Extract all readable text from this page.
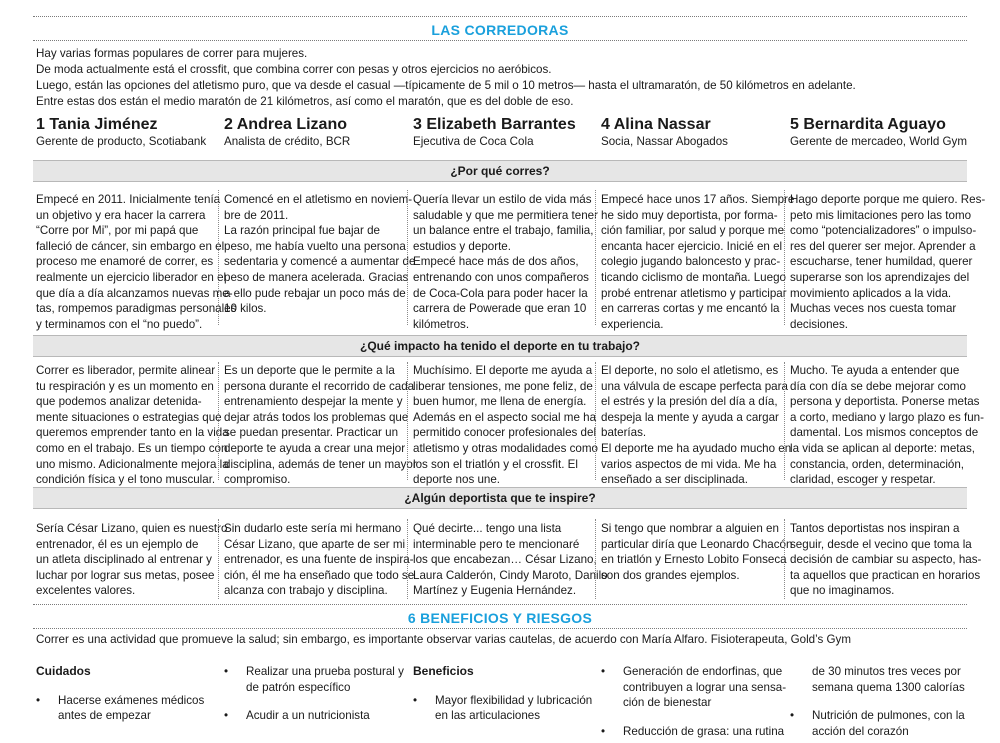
LAS CORREDORAS
Hay varias formas populares de correr para mujeres.
De moda actualmente está el crossfit, que combina correr con pesas y otros ejercicios no aeróbicos.
Luego, están las opciones del atletismo puro, que va desde el casual —típicamente de 5 mil o 10 metros— hasta el ultramaratón, de 50 kilómetros en adelante.
Entre estas dos están el medio maratón de 21 kilómetros, así como el maratón, que es del doble de eso.
1 Tania Jiménez
Gerente de producto, Scotiabank
2 Andrea Lizano
Analista de crédito, BCR
3 Elizabeth Barrantes
Ejecutiva de Coca Cola
4 Alina Nassar
Socia, Nassar Abogados
5 Bernardita Aguayo
Gerente de mercadeo, World Gym
¿Por qué corres?
Empecé en 2011. Inicialmente tenía
un objetivo y era hacer la carrera
“Corre por Mi”, por mi papá que
falleció de cáncer, sin embargo en el
proceso me enamoré de correr, es
realmente un ejercicio liberador en el
que día a día alcanzamos nuevas me-
tas, rompemos paradigmas personales
y terminamos con el “no puedo”.
Comencé en el atletismo en noviem-
bre de 2011.
La razón principal fue bajar de
peso, me había vuelto una persona
sedentaria y comencé a aumentar de
peso de manera acelerada. Gracias
a ello pude rebajar un poco más de
10 kilos.
Quería llevar un estilo de vida más
saludable y que me permitiera tener
un balance entre el trabajo, familia,
estudios y deporte.
Empecé hace más de dos años,
entrenando con unos compañeros
de Coca-Cola para poder hacer la
carrera de Powerade que eran 10
kilómetros.
Empecé hace unos 17 años. Siempre
he sido muy deportista, por forma-
ción familiar, por salud y porque me
encanta hacer ejercicio. Inicié en el
colegio jugando baloncesto y prac-
ticando ciclismo de montaña. Luego
probé entrenar atletismo y participar
en carreras cortas y me encantó la
experiencia.
Hago deporte porque me quiero. Res-
peto mis limitaciones pero las tomo
como “potencializadores” o impulso-
res del querer ser mejor. Aprender a
escucharse, tener humildad, querer
superarse son los aprendizajes del
movimiento aplicados a la vida.
Muchas veces nos cuesta tomar
decisiones.
¿Qué impacto ha tenido el deporte en tu trabajo?
Correr es liberador, permite alinear
tu respiración y es un momento en
que podemos analizar detenida-
mente situaciones o estrategias que
queremos emprender tanto en la vida
como en el trabajo. Es un tiempo con
uno mismo. Adicionalmente mejora la
condición física y el tono muscular.
Es un deporte que le permite a la
persona durante el recorrido de cada
entrenamiento despejar la mente y
dejar atrás todos los problemas que
se puedan presentar. Practicar un
deporte te ayuda a crear una mejor
disciplina, además de tener un mayor
compromiso.
Muchísimo. El deporte me ayuda a
liberar tensiones, me pone feliz, de
buen humor, me llena de energía.
Además en el aspecto social me ha
permitido conocer profesionales del
atletismo y otras modalidades como
los son el triatlón y el crossfit. El
deporte nos une.
El deporte, no solo el atletismo, es
una válvula de escape perfecta para
el estrés y la presión del día a día,
despeja la mente y ayuda a cargar
baterías.
El deporte me ha ayudado mucho en
varios aspectos de mi vida. Me ha
enseñado a ser disciplinada.
Mucho. Te ayuda a entender que
día con día se debe mejorar como
persona y deportista. Ponerse metas
a corto, mediano y largo plazo es fun-
damental. Los mismos conceptos de
la vida se aplican al deporte: metas,
constancia, orden, determinación,
claridad, escoger y respetar.
¿Algún deportista que te inspire?
Sería César Lizano, quien es nuestro
entrenador, él es un ejemplo de
un atleta disciplinado al entrenar y
luchar por lograr sus metas, posee
excelentes valores.
Sin dudarlo este sería mi hermano
César Lizano, que aparte de ser mi
entrenador, es una fuente de inspira-
ción, él me ha enseñado que todo se
alcanza con trabajo y disciplina.
Qué decirte... tengo una lista
interminable pero te mencionaré
los que encabezan… César Lizano,
Laura Calderón, Cindy Maroto, Danilo
Martínez y Eugenia Hernández.
Si tengo que nombrar a alguien en
particular diría que Leonardo Chacón
en triatlón y Ernesto Lobito Fonseca
son dos grandes ejemplos.
Tantos deportistas nos inspiran a
seguir, desde el vecino que toma la
decisión de cambiar su aspecto, has-
ta aquellos que practican en horarios
que no imaginamos.
6 BENEFICIOS Y RIESGOS
Correr es una actividad que promueve la salud; sin embargo, es importante observar varias cautelas, de acuerdo con María Alfaro. Fisioterapeuta, Gold’s Gym
Cuidados
• Hacerse exámenes médicos
antes de empezar
• Realizar una prueba postural y
de patrón específico
• Acudir a un nutricionista
Beneficios
• Mayor flexibilidad y lubricación
en las articulaciones
• Generación de endorfinas, que
contribuyen a lograr una sensa-
ción de bienestar
• Reducción de grasa: una rutina
de 30 minutos tres veces por
semana quema 1300 calorías
• Nutrición de pulmones, con la
acción del corazón
